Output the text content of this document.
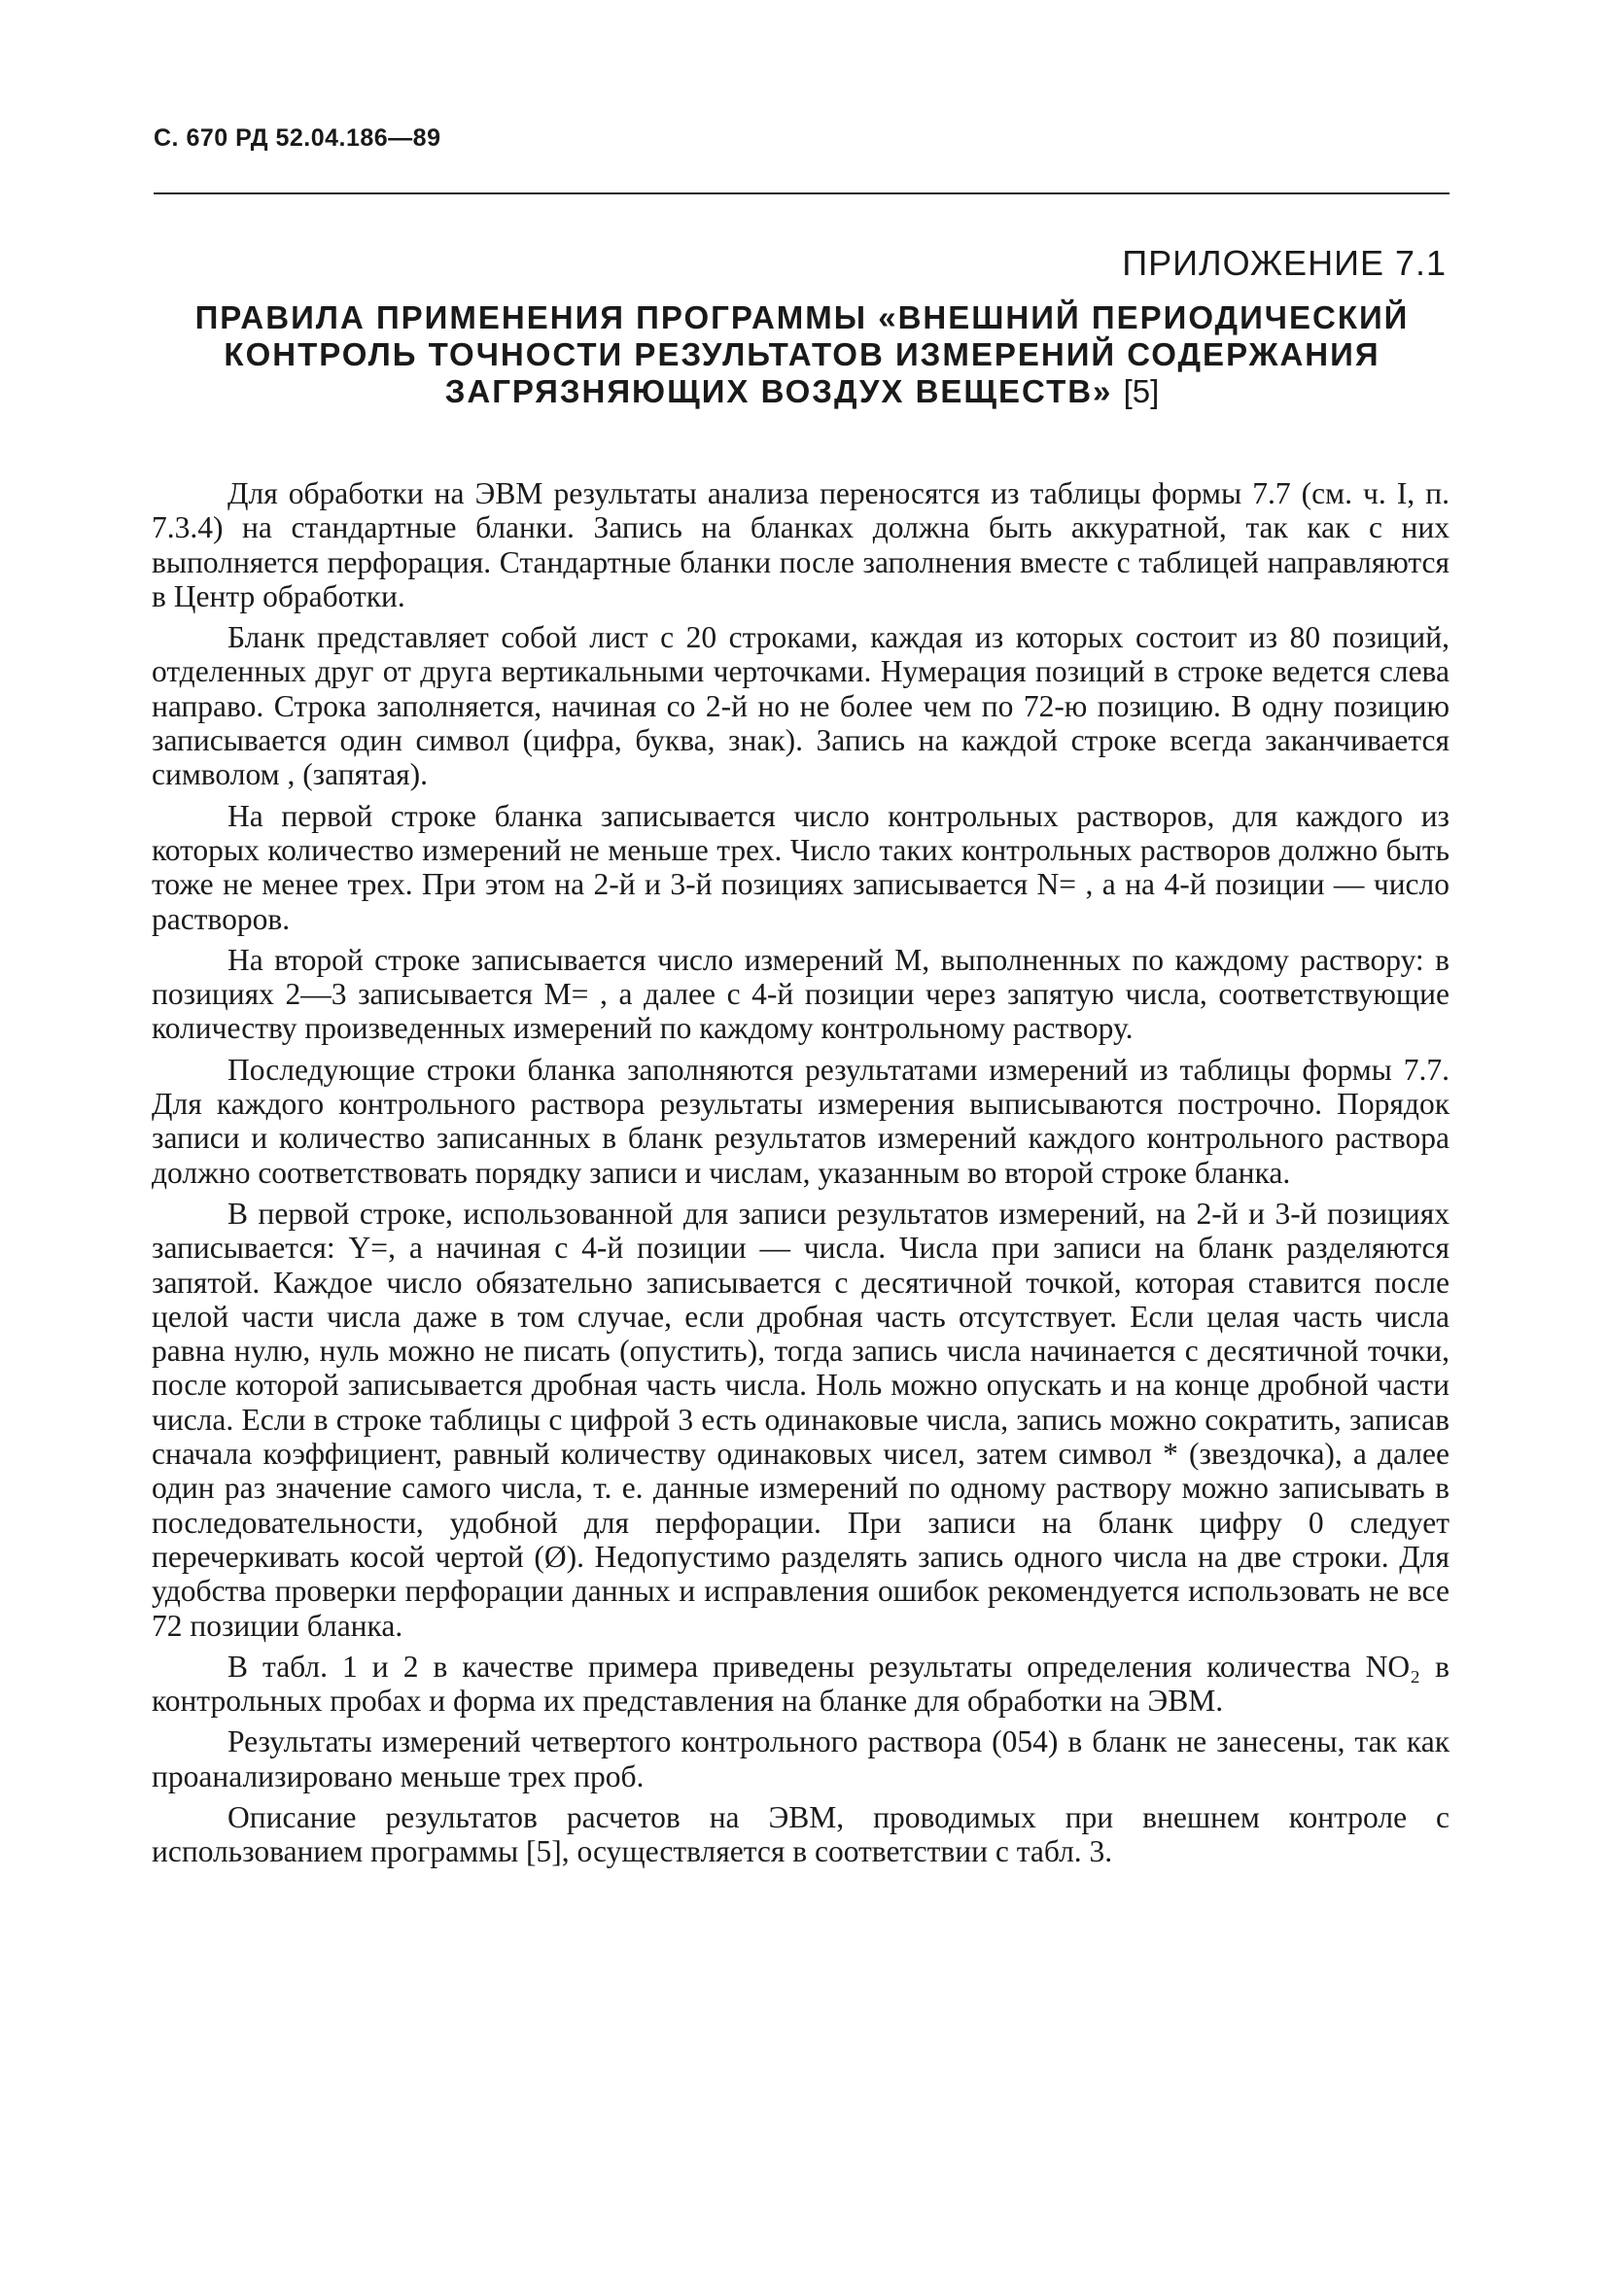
С. 670 РД 52.04.186—89
ПРИЛОЖЕНИЕ 7.1
ПРАВИЛА ПРИМЕНЕНИЯ ПРОГРАММЫ «ВНЕШНИЙ ПЕРИОДИЧЕСКИЙ КОНТРОЛЬ ТОЧНОСТИ РЕЗУЛЬТАТОВ ИЗМЕРЕНИЙ СОДЕРЖАНИЯ ЗАГРЯЗНЯЮЩИХ ВОЗДУХ ВЕЩЕСТВ» [5]

Для обработки на ЭВМ результаты анализа переносятся из таблицы формы 7.7 (см. ч. I, п. 7.3.4) на стандартные бланки. Запись на бланках должна быть аккуратной, так как с них выполняется перфорация. Стандартные бланки после заполнения вместе с таблицей направляются в Центр обработки.

Бланк представляет собой лист с 20 строками, каждая из которых состоит из 80 позиций, отделенных друг от друга вертикальными черточками. Нумерация позиций в строке ведется слева направо. Строка заполняется, начиная со 2-й но не более чем по 72-ю позицию. В одну позицию записывается один символ (цифра, буква, знак). Запись на каждой строке всегда заканчивается символом , (запятая).

На первой строке бланка записывается число контрольных растворов, для каждого из которых количество измерений не меньше трех. Число таких контрольных растворов должно быть тоже не менее трех. При этом на 2-й и 3-й позициях записывается N= , а на 4-й позиции — число растворов.

На второй строке записывается число измерений M, выполненных по каждому раствору: в позициях 2—3 записывается M= , а далее с 4-й позиции через запятую числа, соответствующие количеству произведенных измерений по каждому контрольному раствору.

Последующие строки бланка заполняются результатами измерений из таблицы формы 7.7. Для каждого контрольного раствора результаты измерения выписываются построчно. Порядок записи и количество записанных в бланк результатов измерений каждого контрольного раствора должно соответствовать порядку записи и числам, указанным во второй строке бланка.

В первой строке, использованной для записи результатов измерений, на 2-й и 3-й позициях записывается: Y=, а начиная с 4-й позиции — числа. Числа при записи на бланк разделяются запятой. Каждое число обязательно записывается с десятичной точкой, которая ставится после целой части числа даже в том случае, если дробная часть отсутствует. Если целая часть числа равна нулю, нуль можно не писать (опустить), тогда запись числа начинается с десятичной точки, после которой записывается дробная часть числа. Ноль можно опускать и на конце дробной части числа. Если в строке таблицы с цифрой 3 есть одинаковые числа, запись можно сократить, записав сначала коэффициент, равный количеству одинаковых чисел, затем символ * (звездочка), а далее один раз значение самого числа, т. е. данные измерений по одному раствору можно записывать в последовательности, удобной для перфорации. При записи на бланк цифру 0 следует перечеркивать косой чертой (Ø). Недопустимо разделять запись одного числа на две строки. Для удобства проверки перфорации данных и исправления ошибок рекомендуется использовать не все 72 позиции бланка.

В табл. 1 и 2 в качестве примера приведены результаты определения количества NO₂ в контрольных пробах и форма их представления на бланке для обработки на ЭВМ.

Результаты измерений четвертого контрольного раствора (054) в бланк не занесены, так как проанализировано меньше трех проб.

Описание результатов расчетов на ЭВМ, проводимых при внешнем контроле с использованием программы [5], осуществляется в соответствии с табл. 3.
